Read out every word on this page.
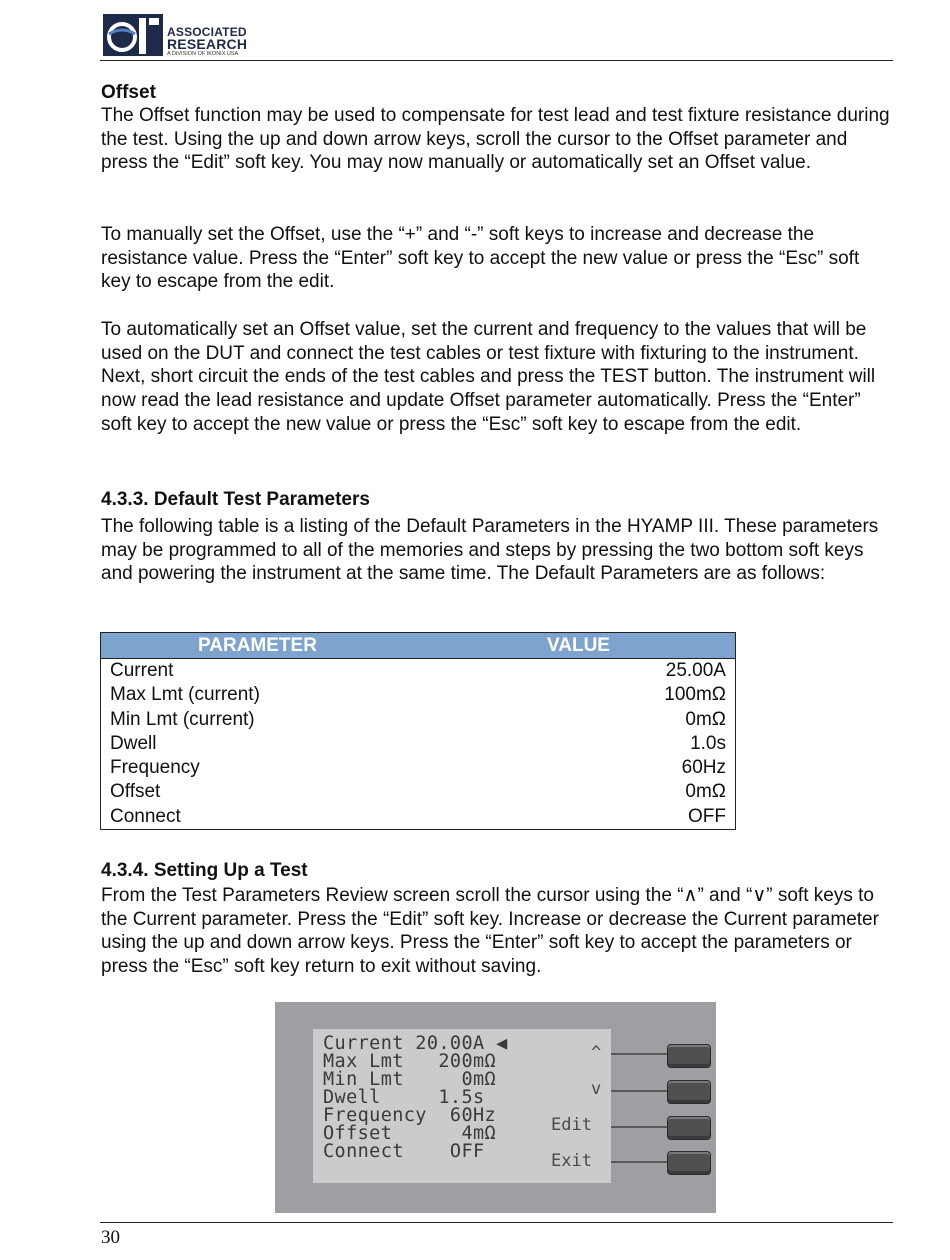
ASSOCIATED
RESEARCH
A DIVISION OF IKONIX USA
Offset

The Offset function may be used to compensate for test lead and test fixture resistance during the test. Using the up and down arrow keys, scroll the cursor to the Offset parameter and press the “Edit” soft key. You may now manually or automatically set an Offset value.

To manually set the Offset, use the “+” and “-” soft keys to increase and decrease the resistance value. Press the “Enter” soft key to accept the new value or press the “Esc” soft key to escape from the edit.

To automatically set an Offset value, set the current and frequency to the values that will be used on the DUT and connect the test cables or test fixture with fixturing to the instrument. Next, short circuit the ends of the test cables and press the TEST button. The instrument will now read the lead resistance and update Offset parameter automatically. Press the “Enter” soft key to accept the new value or press the “Esc” soft key to escape from the edit.

4.3.3. Default Test Parameters

The following table is a listing of the Default Parameters in the HYAMP III. These parameters may be programmed to all of the memories and steps by pressing the two bottom soft keys and powering the instrument at the same time. The Default Parameters are as follows:

PARAMETER	VALUE
Current	25.00A
Max Lmt (current)	100mΩ
Min Lmt (current)	0mΩ
Dwell	1.0s
Frequency	60Hz
Offset	0mΩ
Connect	OFF
4.3.4. Setting Up a Test

From the Test Parameters Review screen scroll the cursor using the “∧” and “∨” soft keys to the Current parameter. Press the “Edit” soft key. Increase or decrease the Current parameter using the up and down arrow keys. Press the “Enter” soft key to accept the parameters or press the “Esc” soft key return to exit without saving.

Current 20.00A ◀
Max Lmt   200mΩ
Min Lmt     0mΩ
Dwell     1.5s
Frequency  60Hz
Offset      4mΩ
Connect    OFF
^
v
Edit
Exit
30
